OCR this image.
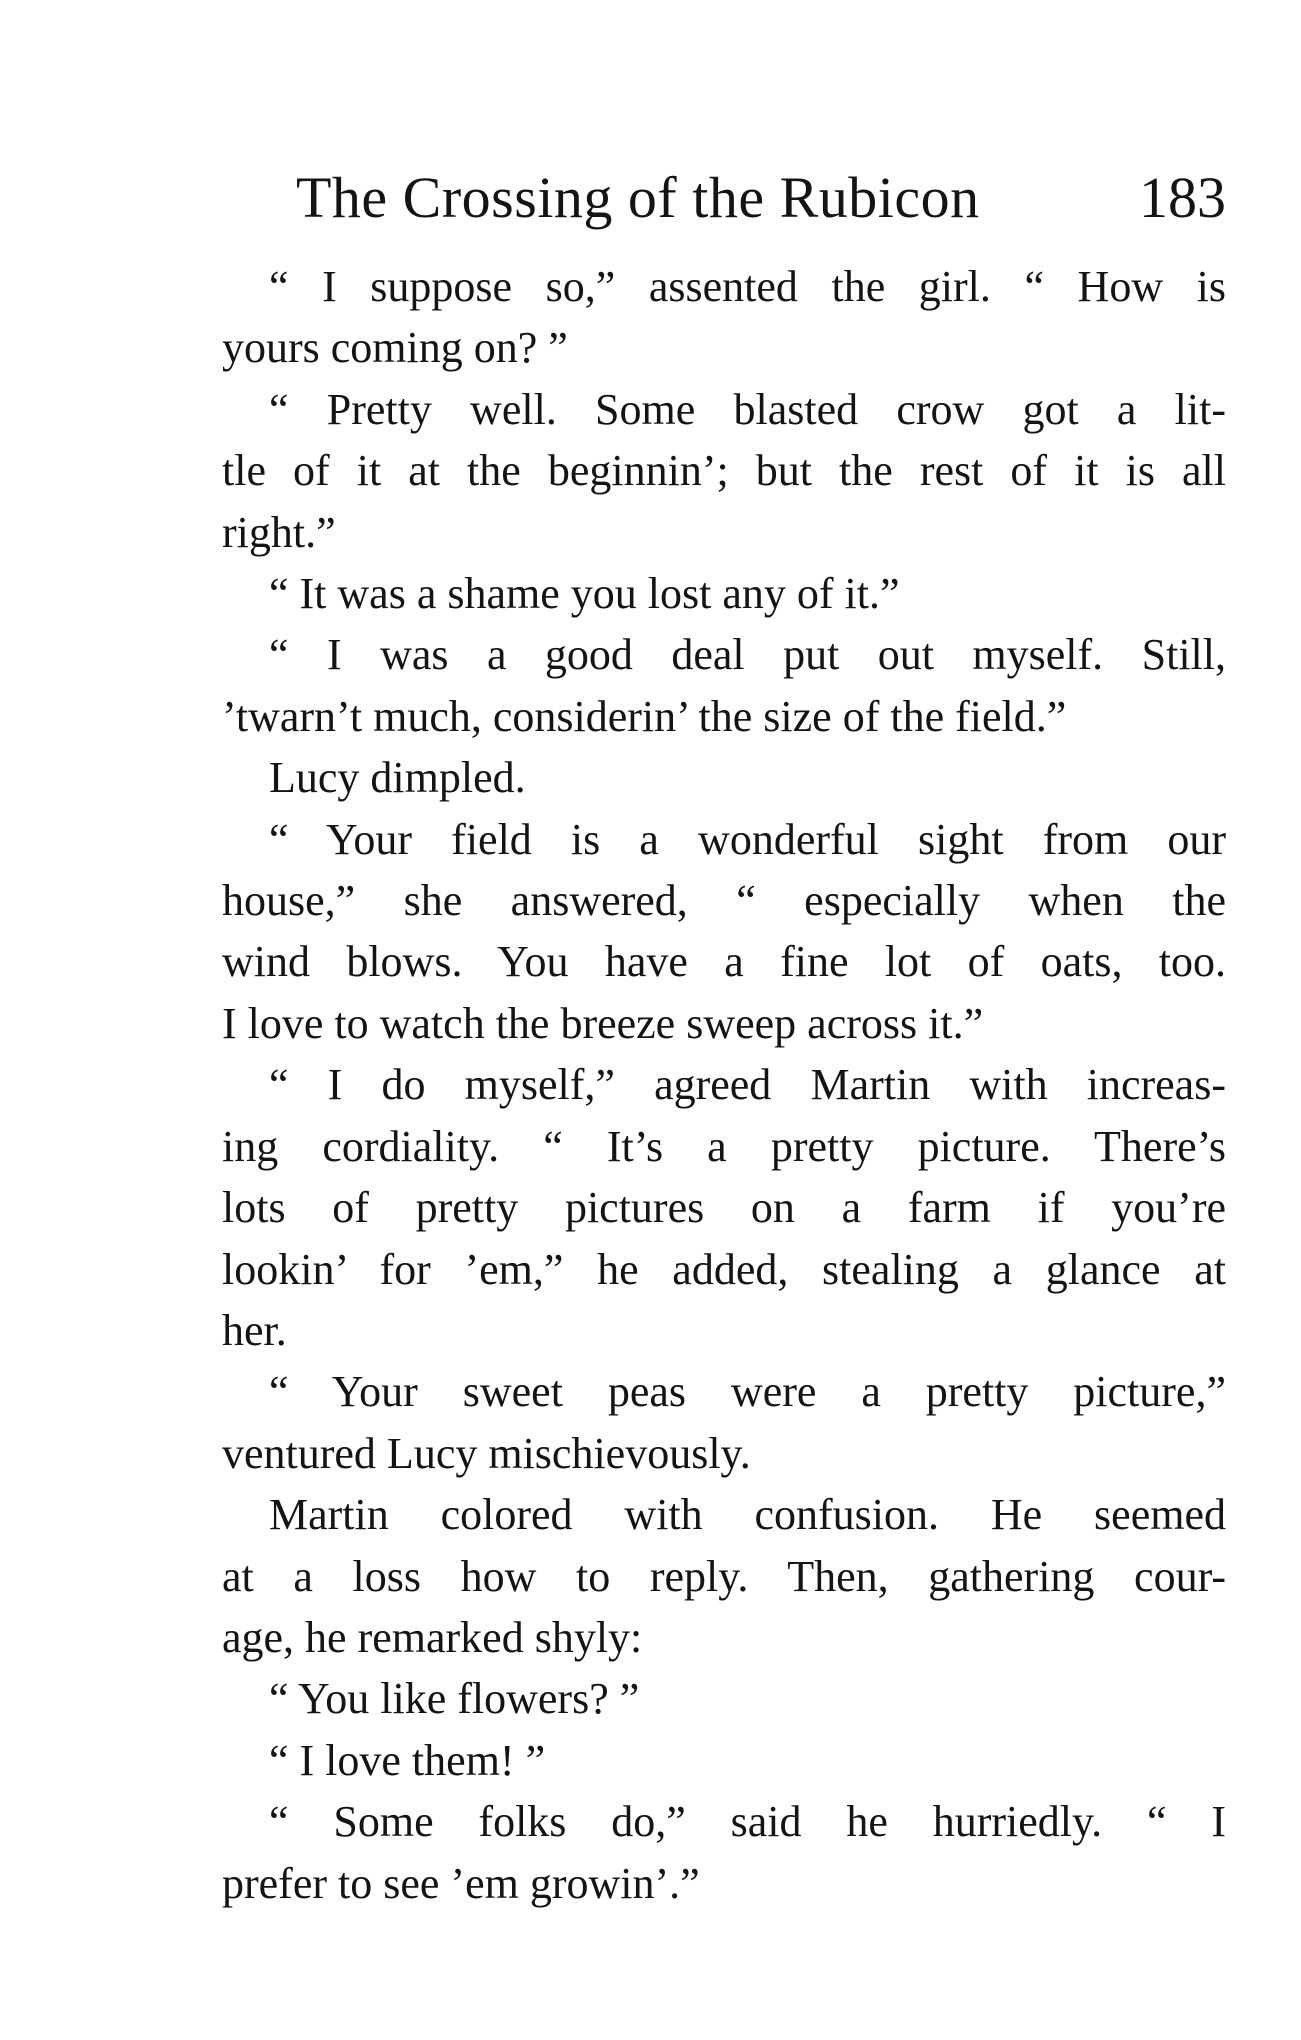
The Crossing of the Rubicon	183

“ I suppose so,” assented the girl. “ How is
yours coming on? ”

“ Pretty well. Some blasted crow got a lit-
tle of it at the beginnin’; but the rest of it is all
right.”

“ It was a shame you lost any of it.”

“ I was a good deal put out myself. Still,
’twarn’t much, considerin’ the size of the field.”

Lucy dimpled.

“ Your field is a wonderful sight from our
house,” she answered, “ especially when the
wind blows. You have a fine lot of oats, too.
I love to watch the breeze sweep across it.”

“ I do myself,” agreed Martin with increas-
ing cordiality. “ It’s a pretty picture. There’s
lots of pretty pictures on a farm if you’re
lookin’ for ’em,” he added, stealing a glance at
her.

“ Your sweet peas were a pretty picture,”
ventured Lucy mischievously.

Martin colored with confusion. He seemed
at a loss how to reply. Then, gathering cour-
age, he remarked shyly:

“ You like flowers? ”

“ I love them! ”

“ Some folks do,” said he hurriedly. “ I
prefer to see ’em growin’.”
